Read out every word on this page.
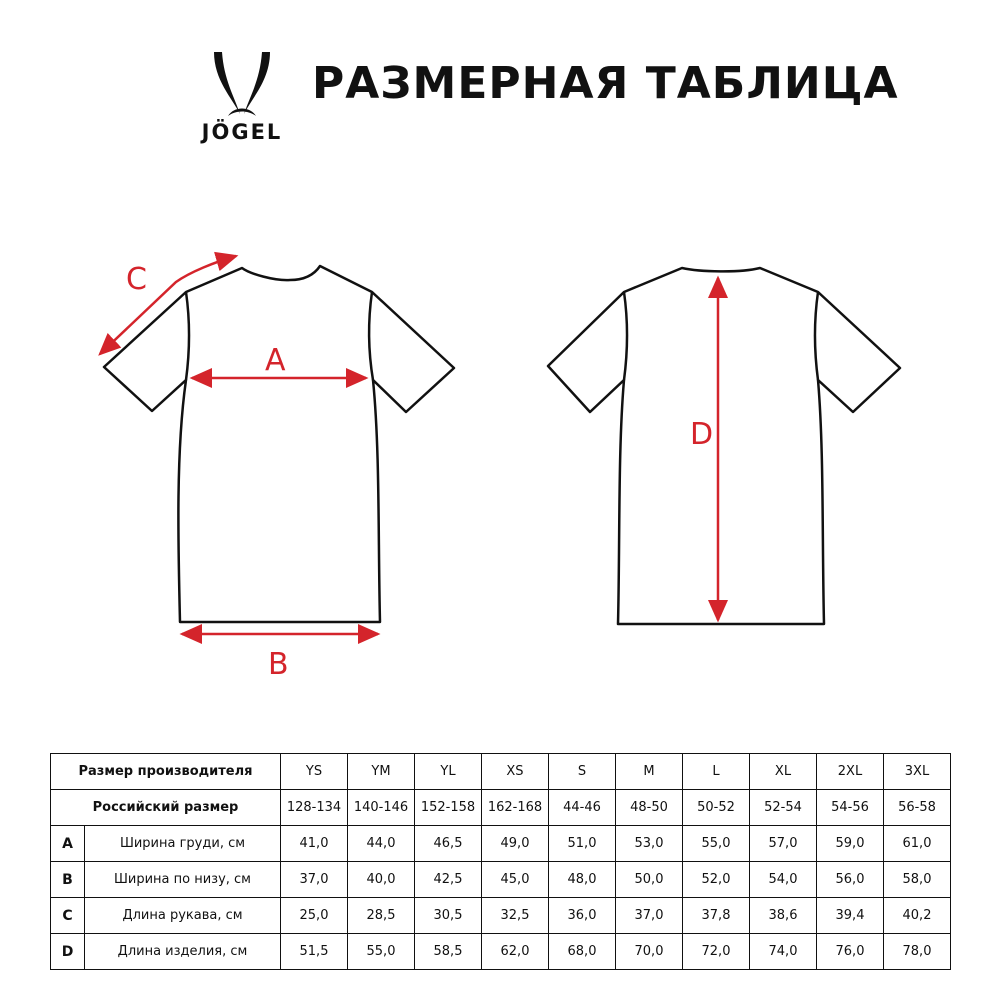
JÖGEL
РАЗМЕРНАЯ ТАБЛИЦА
A
B
C
D
Размер производителя		YS	YM	YL	XS	S	M	L	XL	2XL	3XL
Российский размер		128-134	140-146	152-158	162-168	44-46	48-50	50-52	52-54	54-56	56-58
A	Ширина груди, см	41,0	44,0	46,5	49,0	51,0	53,0	55,0	57,0	59,0	61,0
B	Ширина по низу, см	37,0	40,0	42,5	45,0	48,0	50,0	52,0	54,0	56,0	58,0
C	Длина рукава, см	25,0	28,5	30,5	32,5	36,0	37,0	37,8	38,6	39,4	40,2
D	Длина изделия, см	51,5	55,0	58,5	62,0	68,0	70,0	72,0	74,0	76,0	78,0
